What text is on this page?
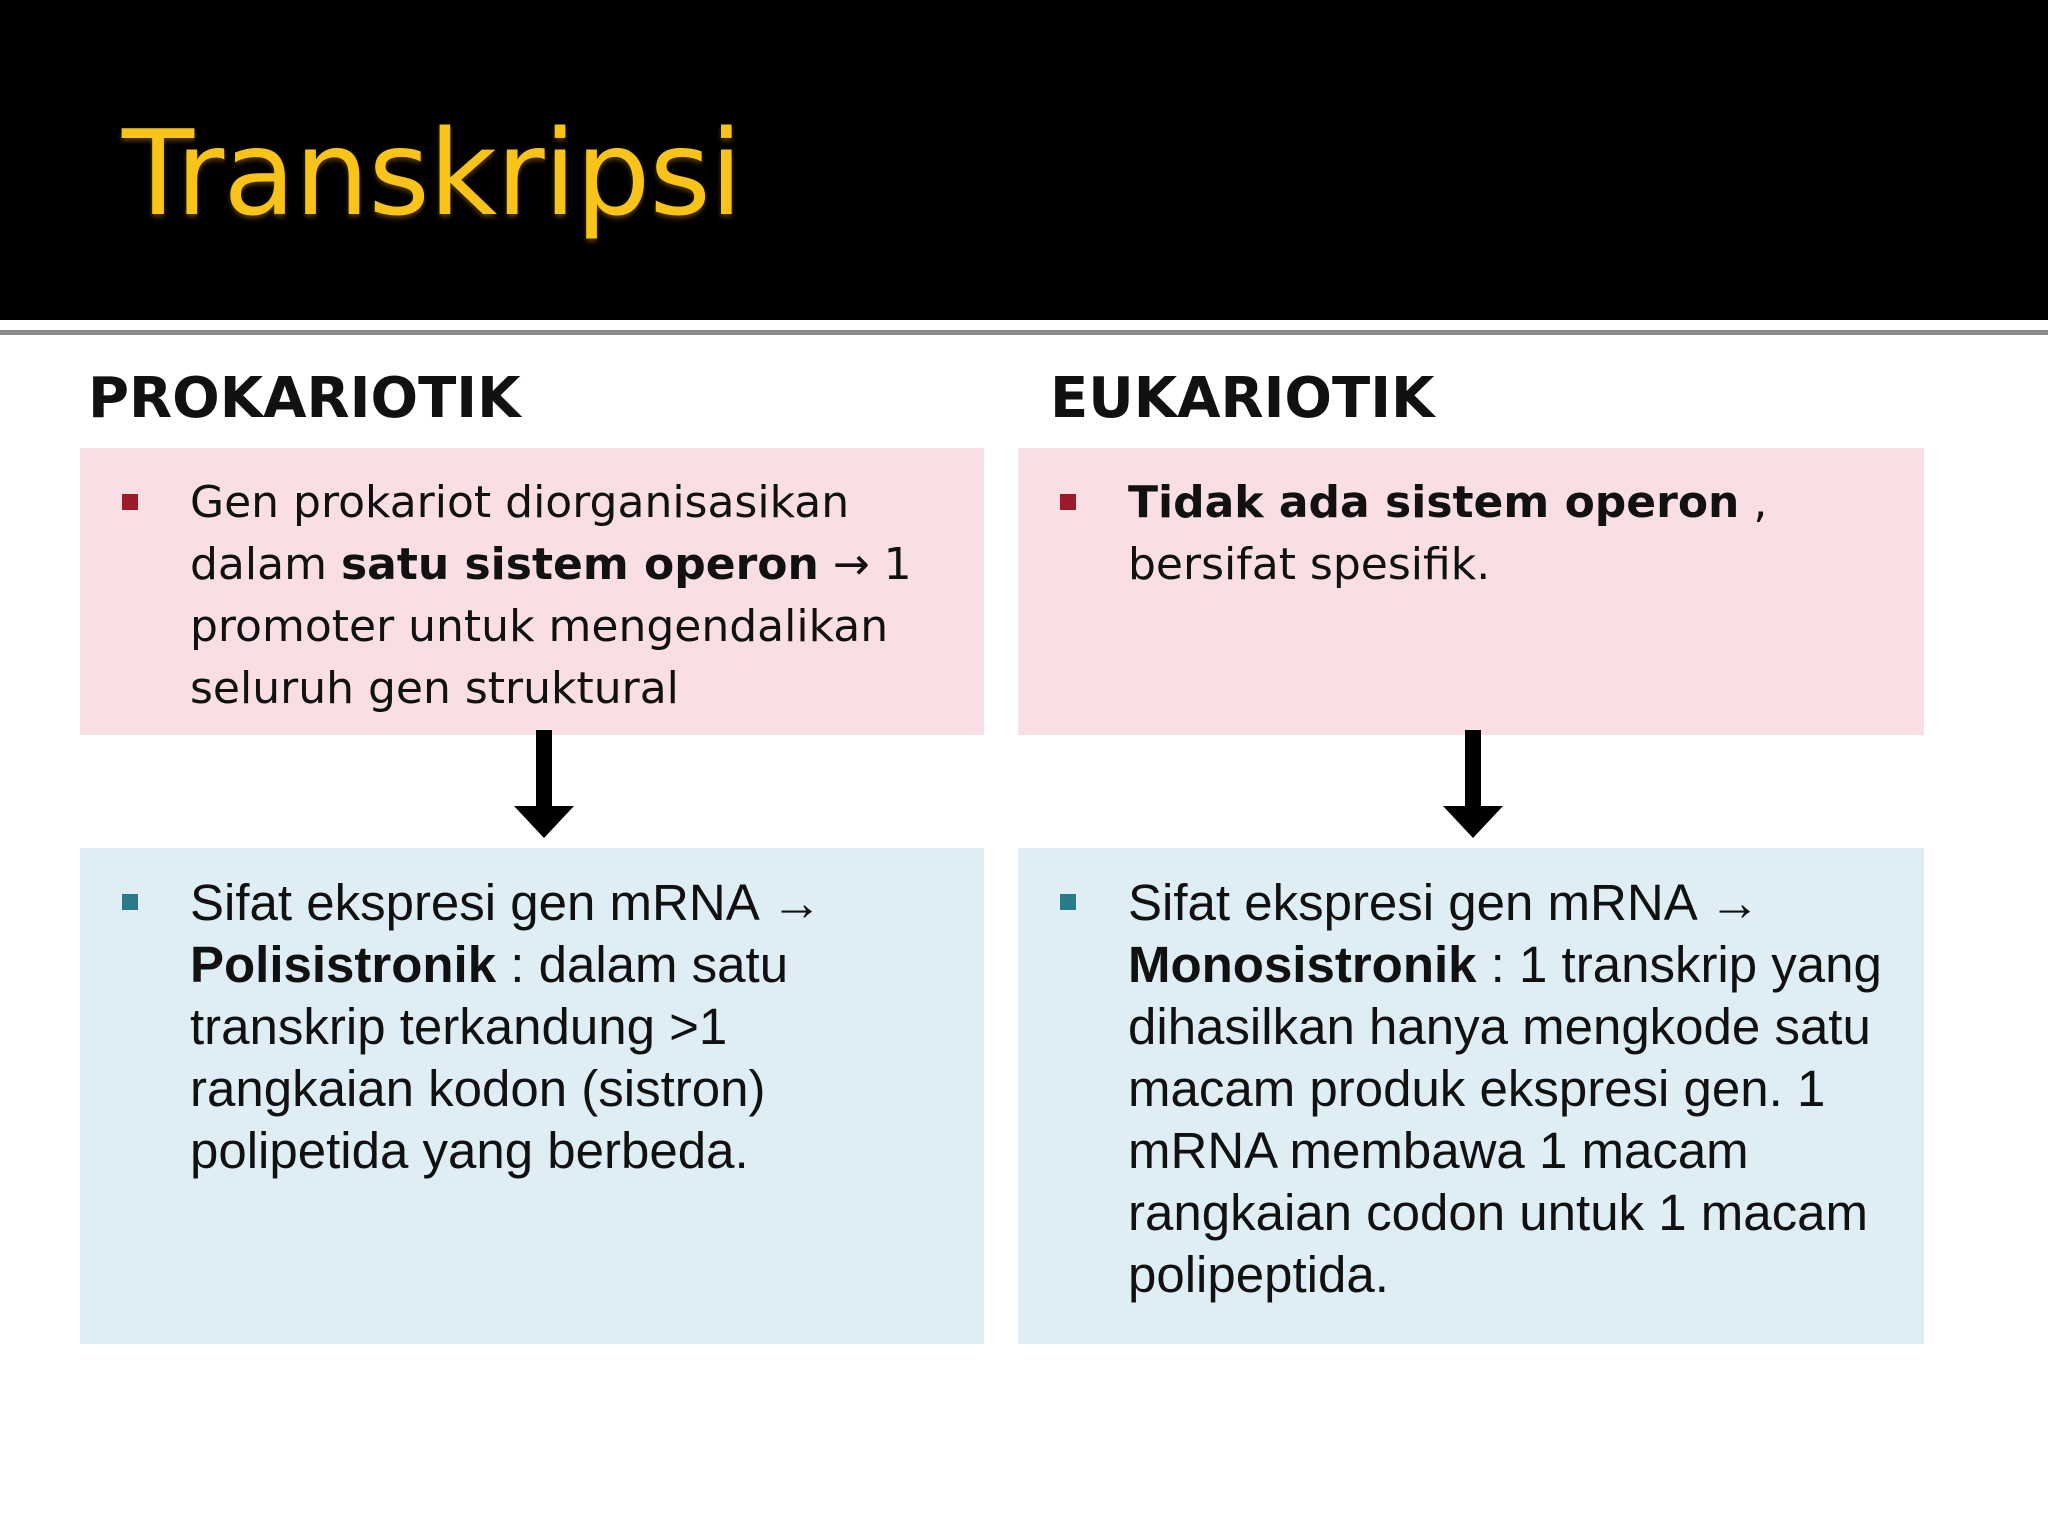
Transkripsi
PROKARIOTIK
Gen prokariot diorganisasikan dalam satu sistem operon → 1 promoter untuk mengendalikan seluruh gen struktural
Sifat ekspresi gen mRNA → Polisistronik : dalam satu transkrip terkandung >1 rangkaian kodon (sistron) polipetida yang berbeda.
EUKARIOTIK
Tidak ada sistem operon , bersifat spesifik.
Sifat ekspresi gen mRNA → Monosistronik : 1 transkrip yang dihasilkan hanya mengkode satu macam produk ekspresi gen. 1 mRNA membawa 1 macam rangkaian codon untuk 1 macam polipeptida.
